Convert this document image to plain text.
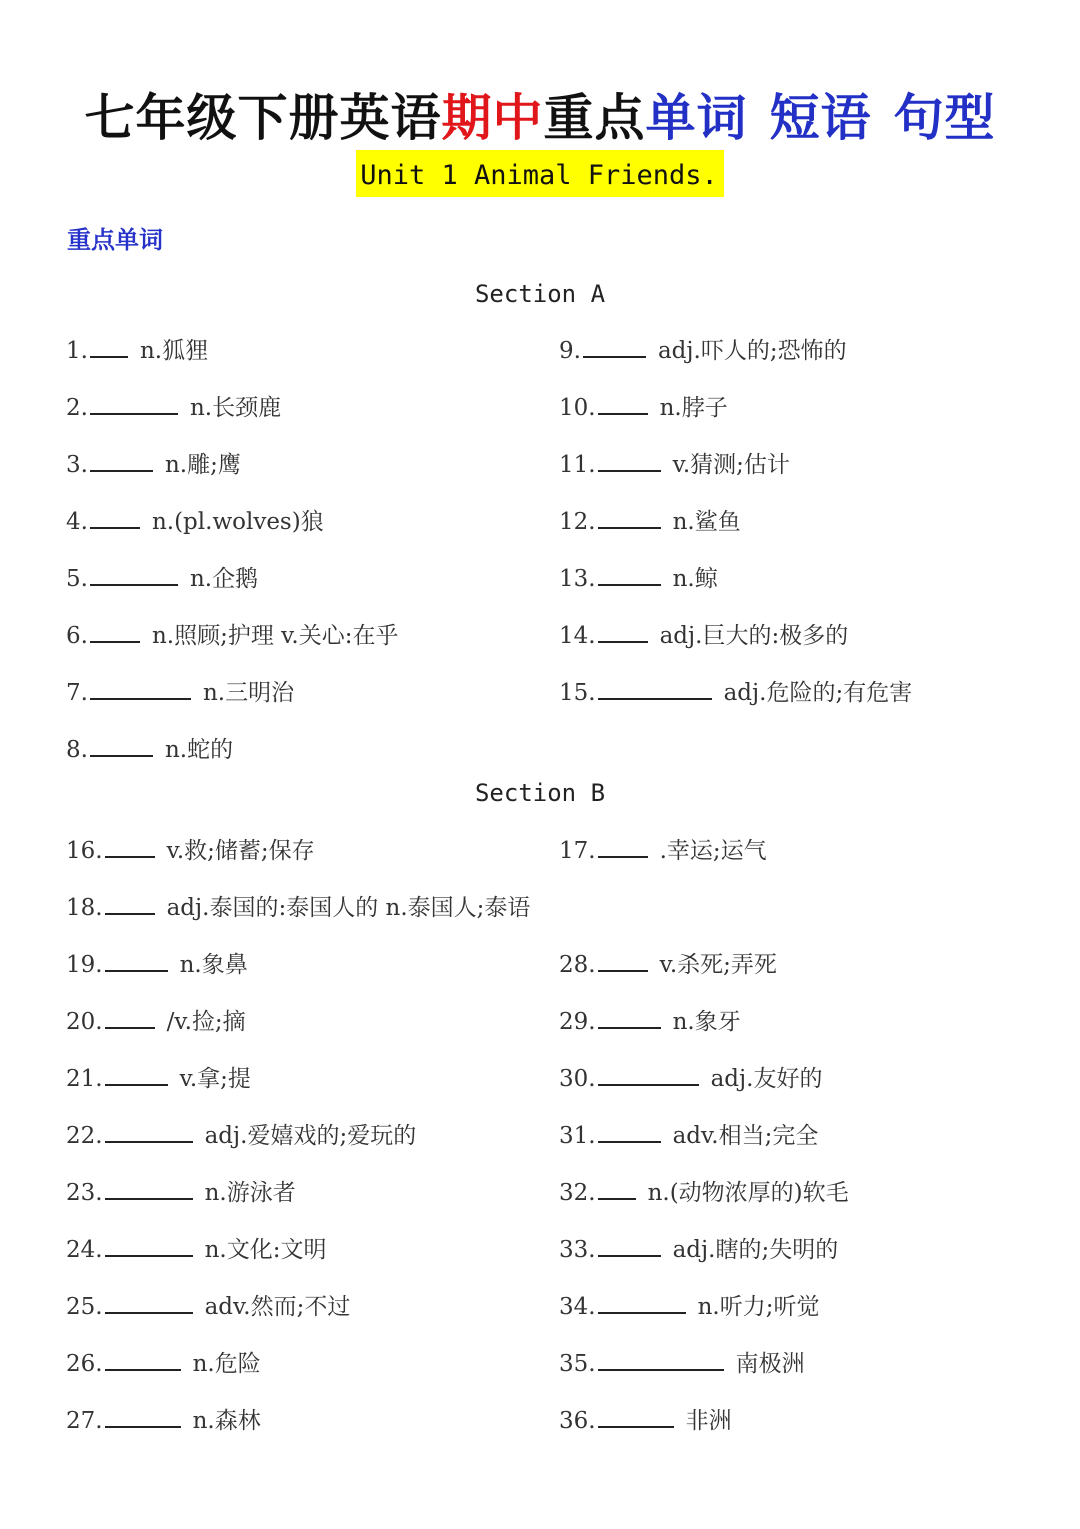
七年级下册英语期中重点单词 短语 句型
Unit 1 Animal Friends.
重点单词
Section A
1. n.狐狸
2.	n.长颈鹿
3.	n.雕;鹰
4.	n.(pl.wolves)狼
5.	n.企鹅
6.	n.照顾;护理 v.关心:在乎
7.	n.三明治
8.	n.蛇的
9.	adj.吓人的;恐怖的
10.	n.脖子
11.	v.猜测;估计
12.	n.鲨鱼
13.	n.鲸
14.	adj.巨大的:极多的
15.	adj.危险的;有危害
Section B
16.	v.救;储蓄;保存	17.	.幸运;运气
18.	adj.泰国的:泰国人的 n.泰国人;泰语
19.	n.象鼻
20.	/v.捡;摘
21.	v.拿;提
22.	adj.爱嬉戏的;爱玩的
23.	n.游泳者
24.	n.文化:文明
25.	adv.然而;不过
26.	n.危险
27.	n.森林
28.	v.杀死;弄死
29.	n.象牙
30.	adj.友好的
31.	adv.相当;完全
32. n.(动物浓厚的)软毛
33.	adj.瞎的;失明的
34.	n.听力;听觉
35.	南极洲
36.	非洲
